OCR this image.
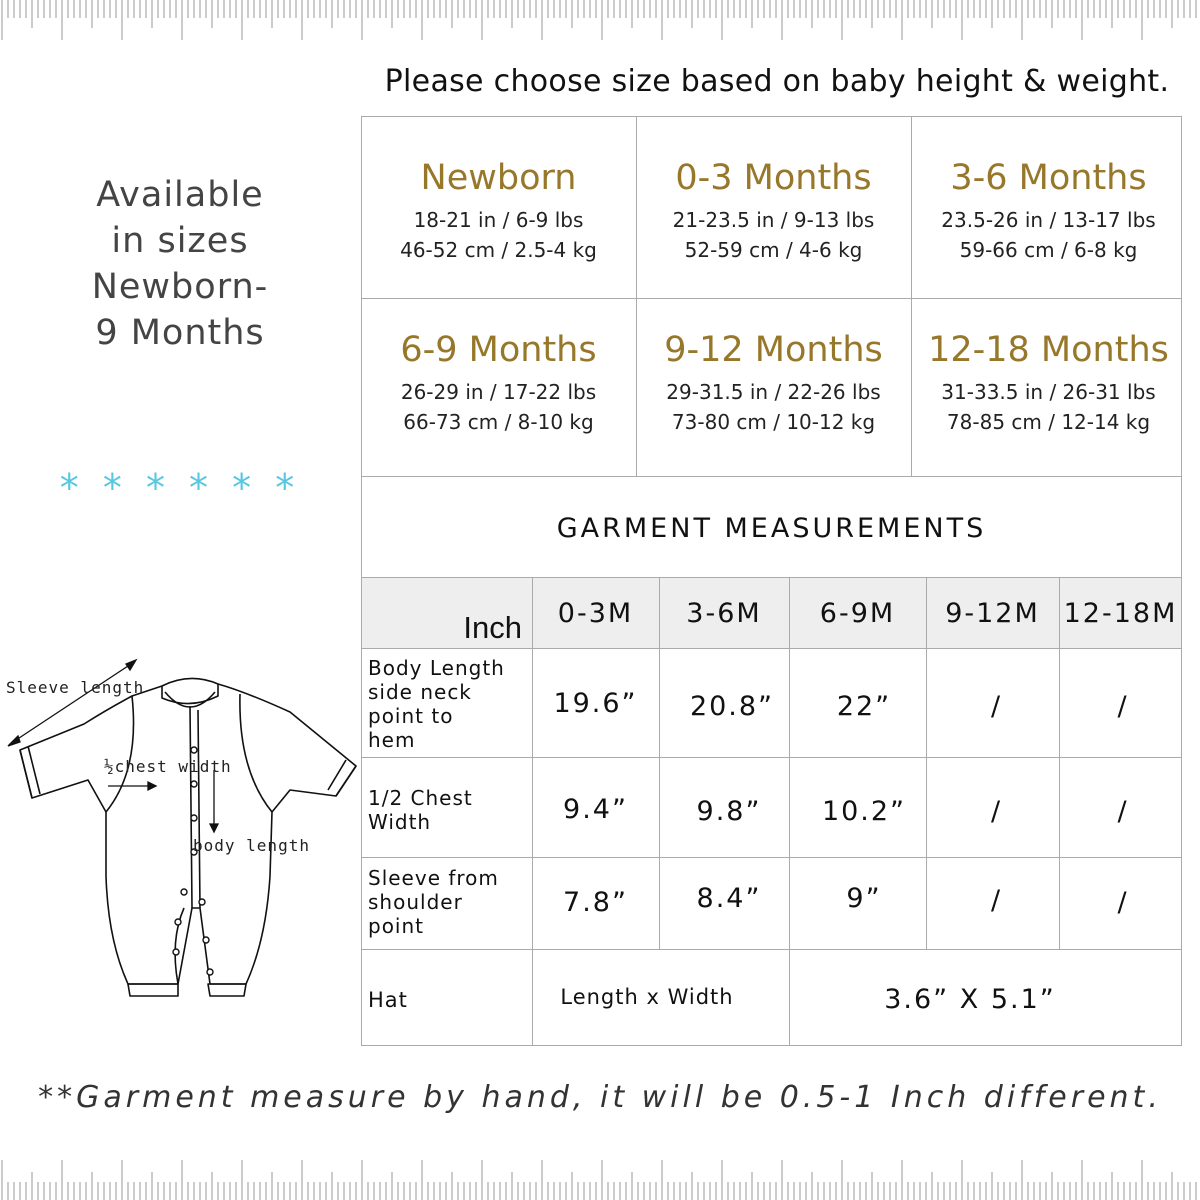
Please choose size based on baby height & weight.
Available
in sizes
Newborn-
9 Months
* * * * * *
Newborn
18-21 in / 6-9 lbs
46-52 cm / 2.5-4 kg
0-3 Months
21-23.5 in / 9-13 lbs
52-59 cm / 4-6 kg
3-6 Months
23.5-26 in / 13-17 lbs
59-66 cm / 6-8 kg
6-9 Months
26-29 in / 17-22 lbs
66-73 cm / 8-10 kg
9-12 Months
29-31.5 in / 22-26 lbs
73-80 cm / 10-12 kg
12-18 Months
31-33.5 in / 26-31 lbs
78-85 cm / 12-14 kg
GARMENT MEASUREMENTS
Inch	0-3M	3-6M	6-9M	9-12M 12-18M
Body Length
side neck
point to
hem
19.6”	20.8”	22”	/	/
1/2 Chest
Width	9.4”	9.8”	10.2”	/	/
Sleeve from
shoulder
point
7.8”	8.4”	9”	/	/
Hat	Length x Width	3.6” X 5.1”
Sleeve length
½chest width
body length
**Garment measure by hand, it will be 0.5-1 Inch different.
